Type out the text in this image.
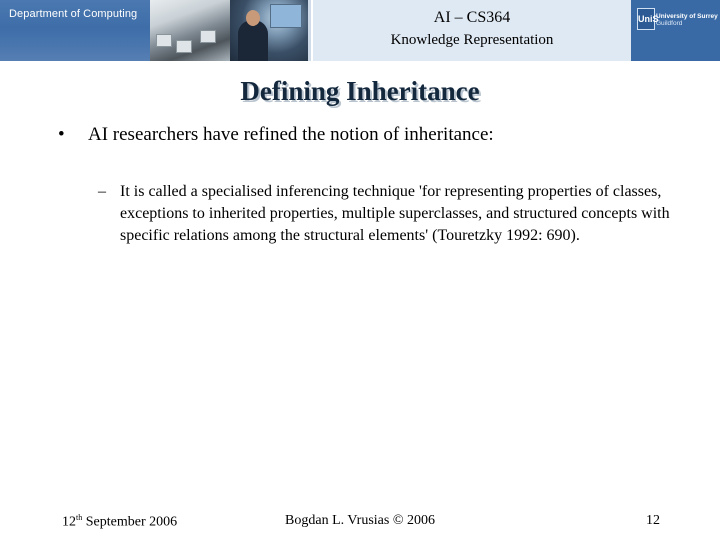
Department of Computing	AI – CS364
Knowledge Representation
UniS
University of Surrey
Guildford
Defining Inheritance
• AI researchers have refined the notion of inheritance:
– It is called a specialised inferencing technique 'for representing properties of classes, exceptions to inherited properties, multiple superclasses, and structured concepts with specific relations among the structural elements' (Touretzky 1992: 690).
12th September 2006	Bogdan L. Vrusias © 2006	12
